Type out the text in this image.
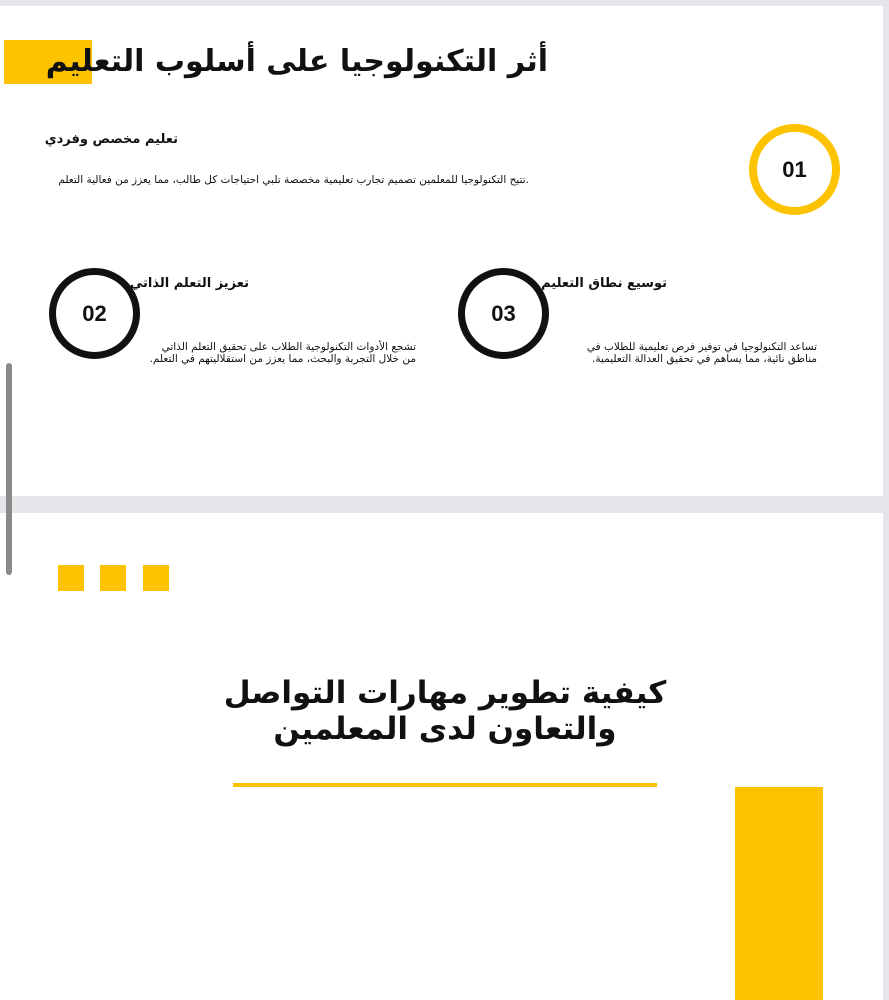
أثر التكنولوجيا على أسلوب التعليم
01
تعليم مخصص وفردي
.تتيح التكنولوجيا للمعلمين تصميم تجارب تعليمية مخصصة تلبي احتياجات كل طالب، مما يعزز من فعالية التعلم
02
تعزيز التعلم الذاتي
تشجع الأدوات التكنولوجية الطلاب على تحقيق التعلم الذاتي من خلال التجربة والبحث، مما يعزز من استقلاليتهم في التعلم.
03
توسيع نطاق التعليم
تساعد التكنولوجيا في توفير فرص تعليمية للطلاب في مناطق نائية، مما يساهم في تحقيق العدالة التعليمية.
كيفية تطوير مهارات التواصل والتعاون لدى المعلمين
